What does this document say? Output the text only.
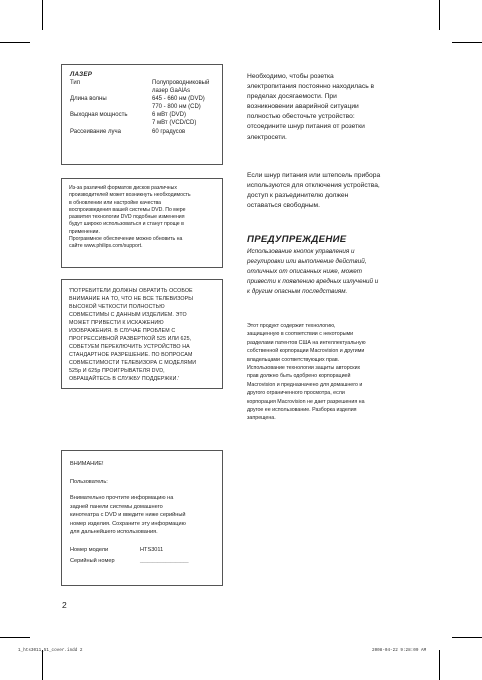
ЛАЗЕР
Тип	Полупроводниковый
лазер GaAlAs
Длина волны	645 - 660 нм (DVD)
770 - 800 нм (CD)
Выходная мощность	6 мВт (DVD)
7 мВт (VCD/CD)
Рассеивание луча	60 градусов
Из-за различий форматов дисков различных
производителей может возникнуть необходимость
в обновлении или настройке качества
воспроизведения вашей системы DVD. По мере
развития технологии DVD подобные изменения
будут широко использоваться и станут проще в
применении.
Программное обеспечение можно обновить на
сайте www.philips.com/support.
'ПОТРЕБИТЕЛИ ДОЛЖНЫ ОБРАТИТЬ ОСОБОЕ
ВНИМАНИЕ НА ТО, ЧТО НЕ ВСЕ ТЕЛЕВИЗОРЫ
ВЫСОКОЙ ЧЕТКОСТИ ПОЛНОСТЬЮ
СОВМЕСТИМЫ С ДАННЫМ ИЗДЕЛИЕМ. ЭТО
МОЖЕТ ПРИВЕСТИ К ИСКАЖЕНИЮ
ИЗОБРАЖЕНИЯ. В СЛУЧАЕ ПРОБЛЕМ С
ПРОГРЕССИВНОЙ РАЗВЕРТКОЙ 525 ИЛИ 625,
СОВЕТУЕМ ПЕРЕКЛЮЧИТЬ УСТРОЙСТВО НА
СТАНДАРТНОЕ РАЗРЕШЕНИЕ. ПО ВОПРОСАМ
СОВМЕСТИМОСТИ ТЕЛЕВИЗОРА С МОДЕЛЯМИ
525p И 625p ПРОИГРЫВАТЕЛЯ DVD,
ОБРАЩАЙТЕСЬ В СЛУЖБУ ПОДДЕРЖКИ.'
ВНИМАНИЕ!
Пользователь:
Внимательно прочтите информацию на
задней панели системы домашнего
кинотеатра с DVD и введите ниже серийный
номер изделия. Сохраните эту информацию
для дальнейшего использования.
Номер модели	HTS3011
Серийный номер	___________________
2
Необходимо, чтобы розетка
электропитания постоянно находилась в
пределах досягаемости. При
возникновении аварийной ситуации
полностью обесточьте устройство:
отсоедините шнур питания от розетки
электросети.
Если шнур питания или штепсель прибора
используются для отключения устройства,
доступ к разъединителю должен
оставаться свободным.
ПРЕДУПРЕЖДЕНИЕ
Использование кнопок управления и
регулировки или выполнение действий,
отличных от описанных ниже, может
привести к появлению вредных излучений и
к другим опасным последствиям.
Этот продукт содержит технологию,
защищенную в соответствии с некоторыми
разделами патентов США на интеллектуальную
собственной корпорации Macrovision и другими
владельцами соответствующих прав.
Использование технологии защиты авторских
прав должно быть одобрено корпорацией
Macrovision и предназначено для домашнего и
другого ограниченного просмотра, если
корпорация Macrovision не дает разрешения на
другое ее использование. Разборка изделия
запрещена.
1_hts3011_51_cover.indd 2	2008-04-22 9:28:09 AM
